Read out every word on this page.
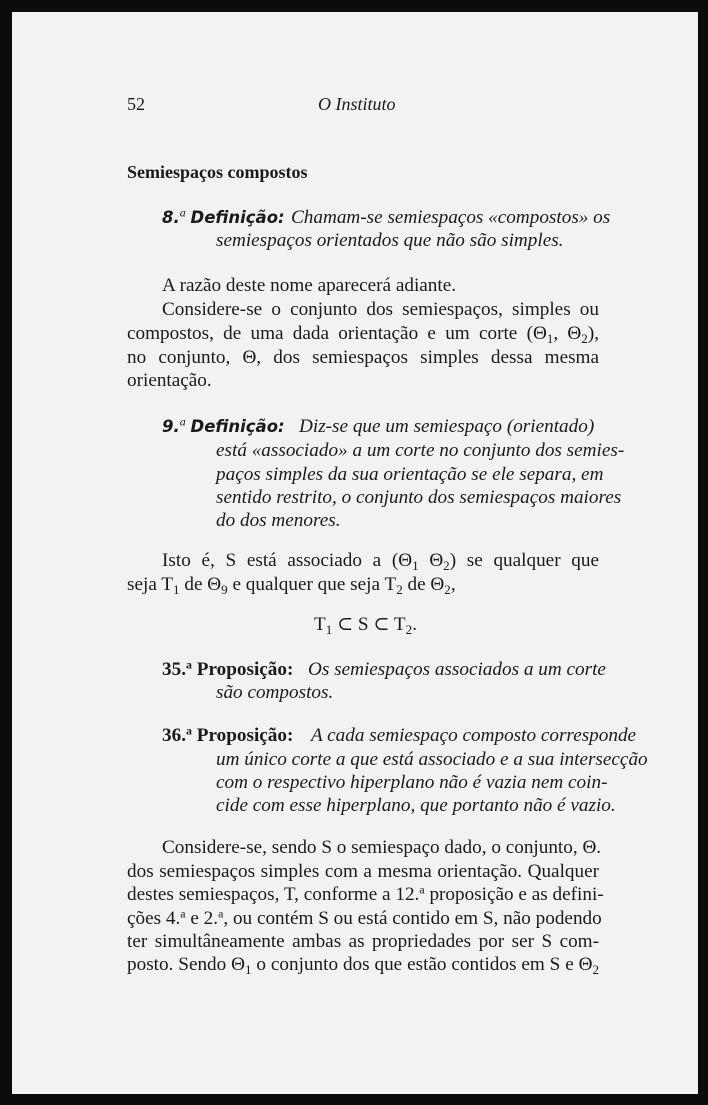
52	O Instituto
Semiespaços compostos
8.$^a$ Definição: Chamam-se semiespaços «compostos» os
semiespaços orientados que não são simples.
A razão deste nome aparecerá adiante.
Considere-se o conjunto dos semiespaços, simples ou
compostos, de uma dada orientação e um corte ($\Theta_1$, $\Theta_2$),
no conjunto, Θ, dos semiespaços simples dessa mesma
orientação.
9.$^a$ Definição: Diz-se que um semiespaço (orientado)
está «associado» a um corte no conjunto dos semies-
paços simples da sua orientação se ele separa, em
sentido restrito, o conjunto dos semiespaços maiores
do dos menores.
Isto é, S está associado a ($\Theta_1$ $\Theta_2$) se qualquer que
seja $T_1$ de $\Theta_9$ e qualquer que seja $T_2$ de $\Theta_2$,
$T_1$ ⊂ S ⊂ $T_2$.
35.$^a$ Proposição: Os semiespaços associados a um corte
são compostos.
36.$^a$ Proposição: A cada semiespaço composto corresponde
um único corte a que está associado e a sua intersecção
com o respectivo hiperplano não é vazia nem coin-
cide com esse hiperplano, que portanto não é vazio.
Considere-se, sendo S o semiespaço dado, o conjunto, Θ.
dos semiespaços simples com a mesma orientação. Qualquer
destes semiespaços, T, conforme a 12.$^a$ proposição e as defini-
ções 4.$^a$ e 2.$^a$, ou contém S ou está contido em S, não podendo
ter simultâneamente ambas as propriedades por ser S com-
posto. Sendo $\Theta_1$ o conjunto dos que estão contidos em S e $\Theta_2$
